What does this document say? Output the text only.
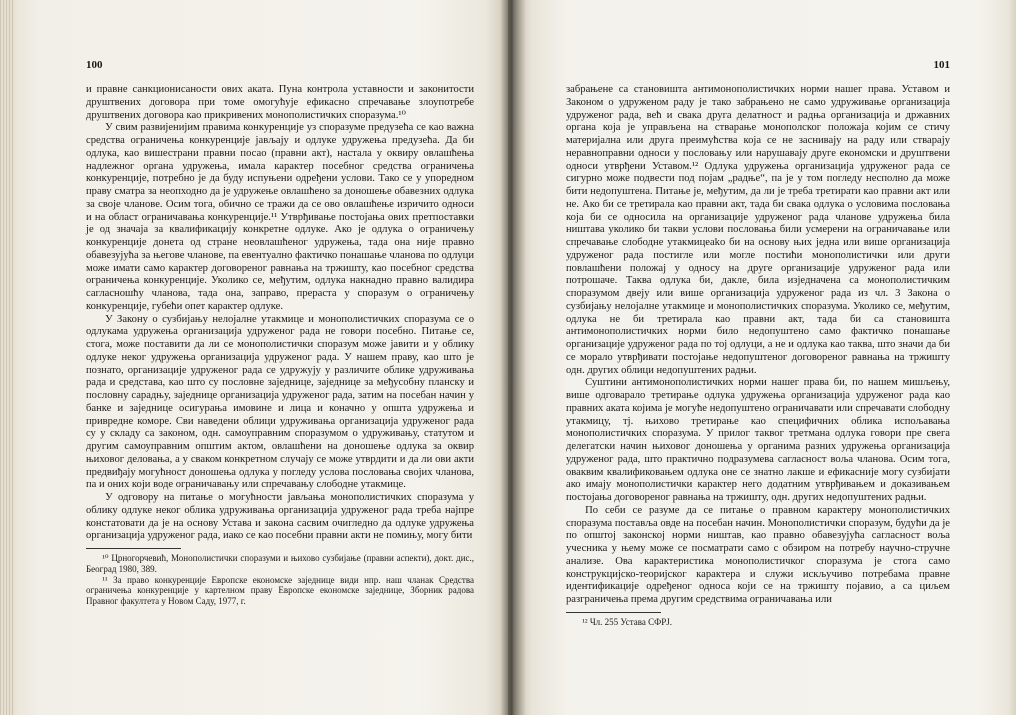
100

и правне санкционисаности ових аката. Пуна контрола уставности и законитости друштвених договора при томе омогућује ефикасно спречавање злоупотребе друштвених договора као прикривених монополистичких споразума.¹⁰

У свим развијенијим правима конкуренције уз споразуме предузећа се као важна средства ограничења конкуренције јављају и одлуке удружења предузећа. Да би одлука, као вишестрани правни посао (правни акт), настала у оквиру овлашћења надлежног органа удружења, имала карактер посебног средства ограничења конкуренције, потребно је да буду испуњени одређени услови. Тако се у упоредном праву сматра за неопходно да је удружење овлашћено за доношење обавезних одлука за своје чланове. Осим тога, обично се тражи да се ово овлашћење изричито односи и на област ограничавања конкуренције.¹¹ Утврђивање постојања ових претпоставки је од значаја за квалификацију конкретне одлуке. Ако је одлука о ограничењу конкуренције донета од стране неовлашћеног удружења, тада она није правно обавезујућа за његове чланове, па евентуално фактичко понашање чланова по одлуци може имати само карактер договореног равнања на тржишту, као посебног средства ограничења конкуренције. Уколико се, међутим, одлука накнадно правно валидира сагласношћу чланова, тада она, заправо, прераста у споразум о ограничењу конкуренције, губећи опет карактер одлуке.

У Закону о сузбијању нелојалне утакмице и монополистичких споразума се о одлукама удружења организација удруженог рада не говори посебно. Питање се, стога, може поставити да ли се монополистички споразум може јавити и у облику одлуке неког удружења организација удруженог рада. У нашем праву, као што је познато, организације удруженог рада се удружују у различите облике удруживања рада и средстава, као што су пословне заједнице, заједнице за међусобну планску и пословну сарадњу, заједнице организација удруженог рада, затим на посебан начин у банке и заједнице осигурања имовине и лица и коначно у општа удружења и привредне коморе. Сви наведени облици удруживања организација удруженог рада су у складу са законом, одн. самоуправним споразумом о удруживању, статутом и другим самоуправним општим актом, овлашћени на доношење одлука за оквир њиховог деловања, а у сваком конкретном случају се може утврдити и да ли ови акти предвиђају могућност доношења одлука у погледу услова пословања својих чланова, па и оних који воде ограничавању или спречавању слободне утакмице.

У одговору на питање о могућности јављања монополистичких споразума у облику одлуке неког облика удруживања организација удруженог рада треба најпре констатовати да је на основу Устава и закона сасвим очигледно да одлуке удружења организација удруженог рада, иако се као посебни правни акти не помињу, могу бити

¹⁰ Црногорчевић, Монополистички споразуми и њихово сузбијање (правни аспекти), докт. дис., Београд 1980, 389.

¹¹ За право конкуренције Европске економске заједнице види нпр. наш чланак Средства ограничења конкуренције у картелном праву Европске економске заједнице, Зборник радова Правног факултета у Новом Саду, 1977, г.

101

забрањене са становишта антимонополистичких норми нашег права. Уставом и Законом о удруженом раду је тако забрањено не само удруживање организација удруженог рада, већ и свака друга делатност и радња организација и државних органа која је управљена на стварање монополског положаја којим се стичу материјална или друга преимућства која се не заснивају на раду или стварају неравноправни односи у пословању или нарушавају друге економски и друштвени односи утврђени Уставом.¹² Одлука удружења организација удруженог рада се сигурно може подвести под појам „радње“, па је у том погледу несполно да може бити недопуштена. Питање је, међутим, да ли је треба третирати као правни акт или не. Ако би се третирала као правни акт, тада би свака одлука о условима пословања која би се односила на организације удруженог рада чланове удружења била ништава уколико би такви услови пословања били усмерени на ограничавање или спречавање слободне утакмицеako би на основу њих једна или више организација удруженог рада постигле или могле постићи монополистички или други повлашћени положај у односу на друге организације удруженог рада или потрошаче. Таква одлука би, дакле, била изједначена са монополистичким споразумом двеју или више организација удруженог рада из чл. 3 Закона о сузбијању нелојалне утакмице и монополистичких споразума. Уколико се, међутим, одлука не би третирала као правни акт, тада би са становишта антимонополистичких норми било недопуштено само фактичко понашање организације удруженог рада по тој одлуци, а не и одлука као таква, што значи да би се морало утврђивати постојање недопуштеног договореног равнања на тржишту одн. других облици недопуштених радњи.

Суштини антимонополистичких норми нашег права би, по нашем мишљењу, више одговарало третирање одлука удружења организација удруженог рада као правних аката којима је могуће недопуштено ограничавати или спречавати слободну утакмицу, тј. њихово третирање као специфичних облика испољавања монополистичких споразума. У прилог таквог третмана одлука говори пре свега делегатски начин њиховог доношења у органима разних удружења организација удруженог рада, што практично подразумева сагласност воља чланова. Осим тога, оваквим квалификовањем одлука оне се знатно лакше и ефикасније могу сузбијати ако имају монополистички карактер него додатним утврђивањем и доказивањем постојања договореног равнања на тржишту, одн. других недопуштених радњи.

По себи се разуме да се питање о правном карактеру монополистичких споразума поставља овде на посебан начин. Монополистички споразум, будући да је по општој законској норми ништав, као правно обавезујућа сагласност воља учесника у њему може се посматрати само с обзиром на потребу научно-стручне анализе. Ова карактеристика монополистичког споразума је стога само конструкцијско-теоријског карактера и служи искључиво потребама правне идентификације одређеног односа који се на тржишту појавио, а са циљем разграничења према другим средствима ограничавања или

¹² Чл. 255 Устава СФРЈ.
